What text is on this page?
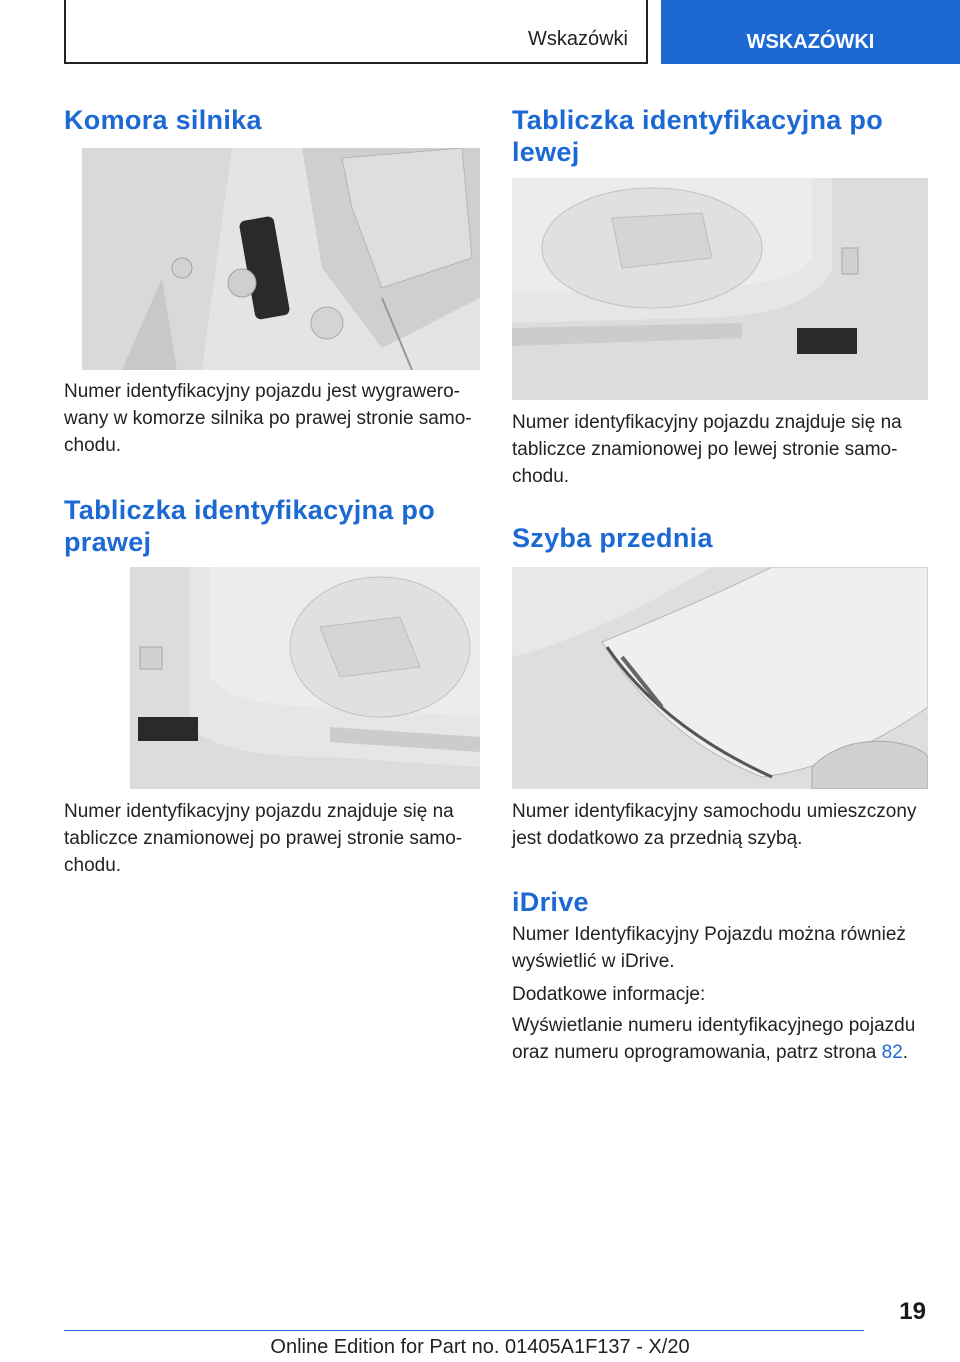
Wskazówki	WSKAZÓWKI
Komora silnika

Numer identyfikacyjny pojazdu jest wygrawero-wany w komorze silnika po prawej stronie samo-chodu.

Tabliczka identyfikacyjna po prawej

Numer identyfikacyjny pojazdu znajduje się na tabliczce znamionowej po prawej stronie samo-chodu.

Tabliczka identyfikacyjna po lewej

Numer identyfikacyjny pojazdu znajduje się na tabliczce znamionowej po lewej stronie samo-chodu.

Szyba przednia

Numer identyfikacyjny samochodu umieszczony jest dodatkowo za przednią szybą.

iDrive

Numer Identyfikacyjny Pojazdu można również wyświetlić w iDrive.

Dodatkowe informacje:

Wyświetlanie numeru identyfikacyjnego pojazdu oraz numeru oprogramowania, patrz strona 82.

19
Online Edition for Part no. 01405A1F137 - X/20
